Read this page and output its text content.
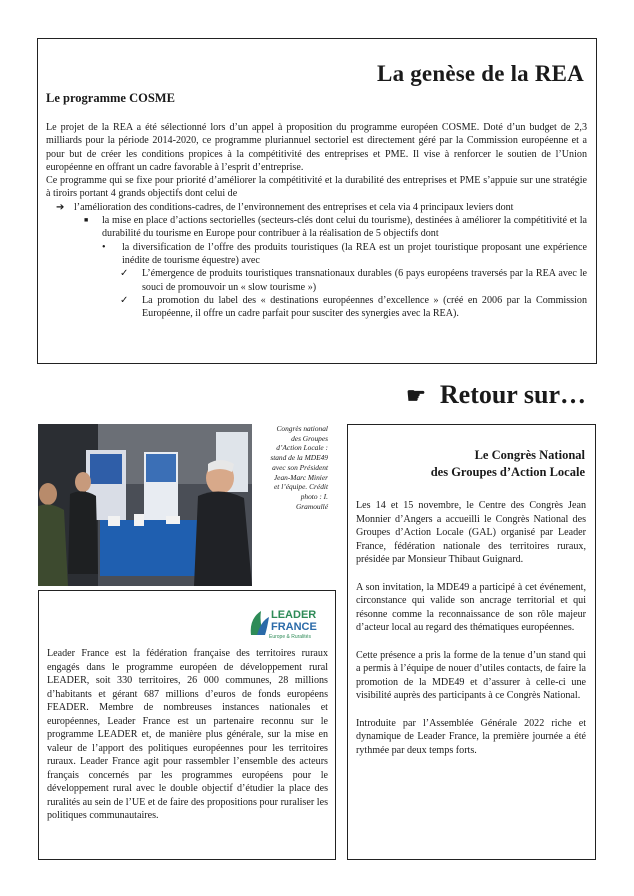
La genèse de la REA
Le programme COSME

Le projet de la REA a été sélectionné lors d’un appel à proposition du programme européen COSME. Doté d’un budget de 2,3 milliards pour la période 2014-2020, ce programme pluriannuel sectoriel est directement géré par la Commission européenne et a pour but de créer les conditions propices à la compétitivité des entreprises et PME. Il vise à renforcer le soutien de l’Union européenne en offrant un cadre favorable à l’esprit d’entreprise.

Ce programme qui se fixe pour priorité d’améliorer la compétitivité et la durabilité des entreprises et PME s’appuie sur une stratégie à tiroirs portant 4 grands objectifs dont celui de

➔ l’amélioration des conditions-cadres, de l’environnement des entreprises et cela via 4 principaux leviers dont
■	la mise en place d’actions sectorielles (secteurs-clés dont celui du tourisme), destinées à améliorer la compétitivité et la durabilité du tourisme en Europe pour contribuer à la réalisation de 5 objectifs dont
•	la diversification de l’offre des produits touristiques (la REA est un projet touristique proposant une expérience inédite de tourisme équestre) avec
✓	L’émergence de produits touristiques transnationaux durables (6 pays européens traversés par la REA avec le souci de promouvoir un « slow tourisme »)
✓	La promotion du label des « destinations européennes d’excellence » (créé en 2006 par la Commission Européenne, il offre un cadre parfait pour susciter des synergies avec la REA).
☛ Retour sur…
Congrès national des Groupes d’Action Locale : stand de la MDE49 avec son Président Jean-Marc Minier et l’équipe. Crédit photo : I. Gramoullé
LEADER
FRANCE
Europe & Ruralités

Leader France est la fédération française des territoires ruraux engagés dans le programme européen de développement rural LEADER, soit 330 territoires, 26 000 communes, 28 millions d’habitants et gérant 687 millions d’euros de fonds européens FEADER. Membre de nombreuses instances nationales et européennes, Leader France est un partenaire reconnu sur le programme LEADER et, de manière plus générale, sur la mise en valeur de l’apport des politiques européennes pour les territoires ruraux. Leader France agit pour rassembler l’ensemble des acteurs français concernés par les programmes européens pour le développement rural avec le double objectif d’étudier la place des ruralités au sein de l’UE et de faire des propositions pour ruraliser les politiques communautaires.

Le Congrès National
des Groupes d’Action Locale

Les 14 et 15 novembre, le Centre des Congrès Jean Monnier d’Angers a accueilli le Congrès National des Groupes d’Action Locale (GAL) organisé par Leader France, fédération nationale des territoires ruraux, présidée par Monsieur Thibaut Guignard.

A son invitation, la MDE49 a participé à cet événement, circonstance qui valide son ancrage territorial et qui résonne comme la reconnaissance de son rôle majeur d’acteur local au regard des thématiques européennes.

Cette présence a pris la forme de la tenue d’un stand qui a permis à l’équipe de nouer d’utiles contacts, de faire la promotion de la MDE49 et d’assurer à celle-ci une visibilité auprès des participants à ce Congrès National.

Introduite par l’Assemblée Générale 2022 riche et dynamique de Leader France, la première journée a été rythmée par deux temps forts.
